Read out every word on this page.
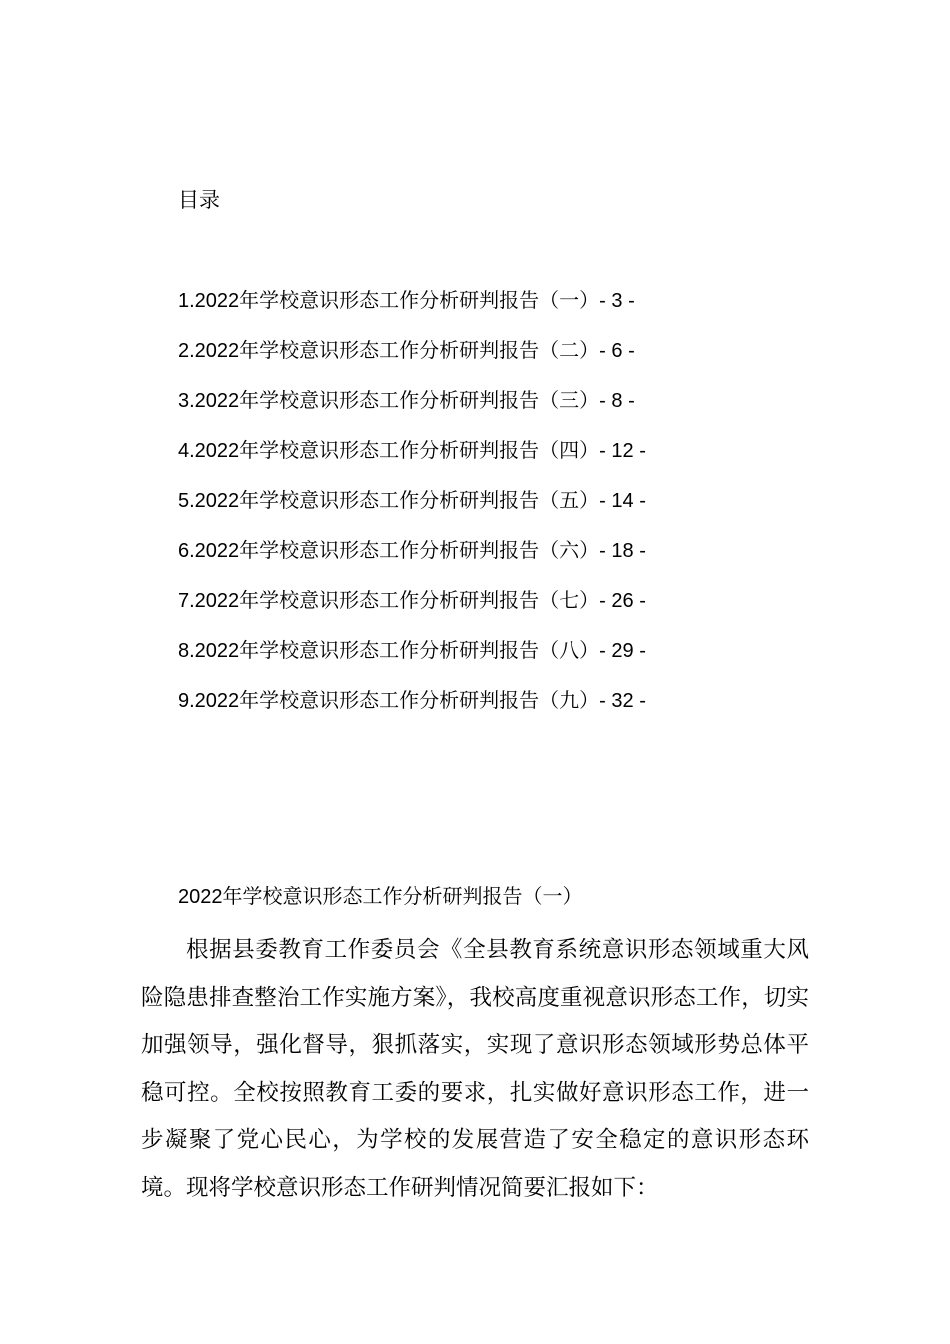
目录
1.2022年学校意识形态工作分析研判报告（一）- 3 -
2.2022年学校意识形态工作分析研判报告（二）- 6 -
3.2022年学校意识形态工作分析研判报告（三）- 8 -
4.2022年学校意识形态工作分析研判报告（四）- 12 -
5.2022年学校意识形态工作分析研判报告（五）- 14 -
6.2022年学校意识形态工作分析研判报告（六）- 18 -
7.2022年学校意识形态工作分析研判报告（七）- 26 -
8.2022年学校意识形态工作分析研判报告（八）- 29 -
9.2022年学校意识形态工作分析研判报告（九）- 32 -
2022年学校意识形态工作分析研判报告（一）

根据县委教育工作委员会《全县教育系统意识形态领域重大风险隐患排查整治工作实施方案》，我校高度重视意识形态工作，切实加强领导，强化督导，狠抓落实，实现了意识形态领域形势总体平稳可控。全校按照教育工委的要求，扎实做好意识形态工作，进一步凝聚了党心民心，为学校的发展营造了安全稳定的意识形态环境。现将学校意识形态工作研判情况简要汇报如下：
